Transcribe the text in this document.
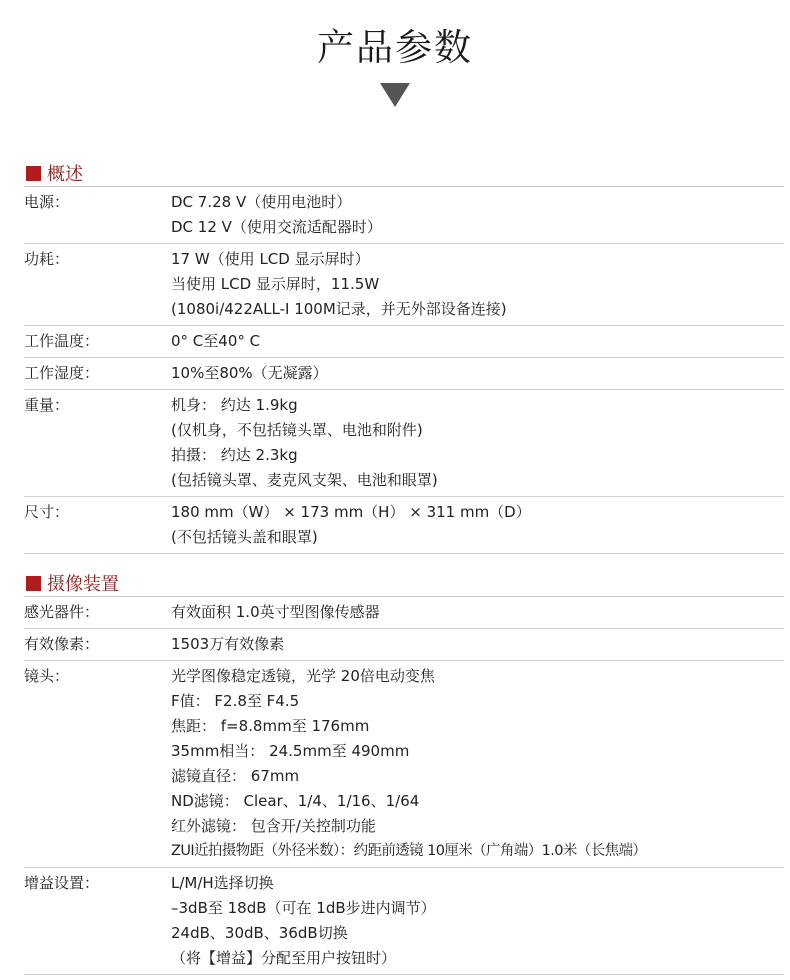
产品参数
概述
电源：	DC 7.28 V（使用电池时）
DC 12 V（使用交流适配器时）
功耗：	17 W（使用 LCD 显示屏时）
当使用 LCD 显示屏时，11.5W
(1080i/422ALL-I 100M记录，并无外部设备连接)
工作温度：	0° C至40° C
工作湿度：	10%至80%（无凝露）
重量：	机身： 约达 1.9kg
(仅机身，不包括镜头罩、电池和附件)
拍摄： 约达 2.3kg
(包括镜头罩、麦克风支架、电池和眼罩)
尺寸：	180 mm（W） × 173 mm（H） × 311 mm（D）
(不包括镜头盖和眼罩)
摄像装置
感光器件：	有效面积 1.0英寸型图像传感器
有效像素：	1503万有效像素
镜头：	光学图像稳定透镜，光学 20倍电动变焦
F值： F2.8至 F4.5
焦距： f=8.8mm至 176mm
35mm相当： 24.5mm至 490mm
滤镜直径： 67mm
ND滤镜： Clear、1/4、1/16、1/64
红外滤镜： 包含开/关控制功能
ZUI近拍摄物距（外径米数）：约距前透镜 10厘米（广角端）1.0米（长焦端）
增益设置：	L/M/H选择切换
–3dB至 18dB（可在 1dB步进内调节）
24dB、30dB、36dB切换
（将【增益】分配至用户按钮时）
